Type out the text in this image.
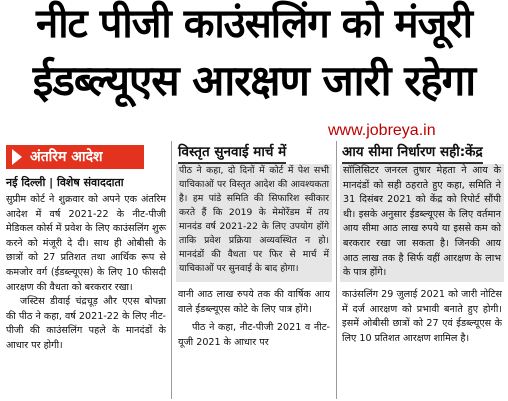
नीट पीजी काउंसलिंग को मंजूरी
ईडब्ल्यूएस आरक्षण जारी रहेगा
www.jobreya.in
अंतरिम आदेश
नई दिल्ली | विशेष संवाददाता

सुप्रीम कोर्ट ने शुक्रवार को अपने एक अंतरिम आदेश में वर्ष 2021-22 के नीट-पीजी मेडिकल कोर्स में प्रवेश के लिए काउंसलिंग शुरू करने को मंजूरी दे दी। साथ ही ओबीसी के छात्रों को 27 प्रतिशत तथा आर्थिक रूप से कमजोर वर्ग (ईडब्ल्यूएस) के लिए 10 फीसदी आरक्षण की वैधता को बरकरार रखा।

जस्टिस डीवाई चंद्रचूड़ और एएस बोपन्ना की पीठ ने कहा, वर्ष 2021-22 के लिए नीट-पीजी की काउंसलिंग पहले के मानदंडों के आधार पर होगी।

विस्तृत सुनवाई मार्च में

पीठ ने कहा, दो दिनों में कोर्ट में पेश सभी याचिकाओं पर विस्तृत आदेश की आवश्यकता है। हम पांडे समिति की सिफारिश स्वीकार करते हैं कि 2019 के मेमोरेंडम में तय मानदंड वर्ष 2021-22 के लिए उपयोग होंगे ताकि प्रवेश प्रक्रिया अव्यवस्थित न हो। मानदंडों की वैधता पर फिर से मार्च में याचिकाओं पर सुनवाई के बाद होगा।

वानी आठ लाख रुपये तक की वार्षिक आय वाले ईडब्ल्यूएस कोटे के लिए पात्र होंगे।

पीठ ने कहा, नीट-पीजी 2021 व नीट-यूजी 2021 के आधार पर

आय सीमा निर्धारण सही:केंद्र

सॉलिसिटर जनरल तुषार मेहता ने आय के मानदंडों को सही ठहराते हुए कहा, समिति ने 31 दिसंबर 2021 को केंद्र को रिपोर्ट सौंपी थी। इसके अनुसार ईडब्ल्यूएस के लिए वर्तमान आय सीमा आठ लाख रुपये या इससे कम को बरकरार रखा जा सकता है। जिनकी आय आठ लाख तक है सिर्फ वहीं आरक्षण के लाभ के पात्र होंगे।

काउंसलिंग 29 जुलाई 2021 को जारी नोटिस में दर्ज आरक्षण को प्रभावी बनाते हुए होगी। इसमें ओबीसी छात्रों को 27 एवं ईडब्ल्यूएस के लिए 10 प्रतिशत आरक्षण शामिल है।
